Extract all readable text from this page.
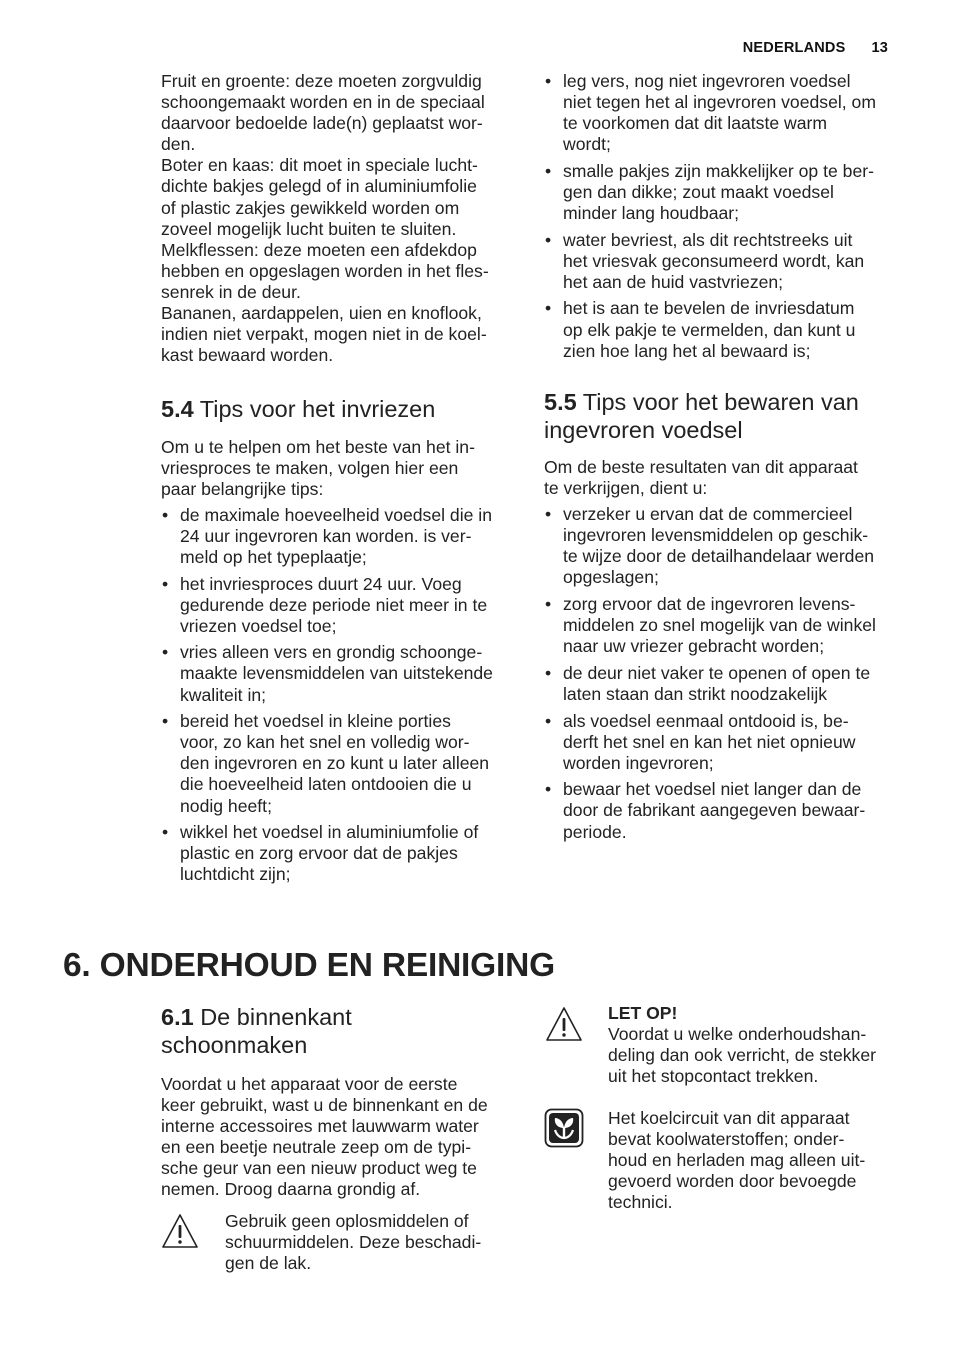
NEDERLANDS 13

Fruit en groente: deze moeten zorgvuldig
schoongemaakt worden en in de speciaal
daarvoor bedoelde lade(n) geplaatst wor-
den.

Boter en kaas: dit moet in speciale lucht-
dichte bakjes gelegd of in aluminiumfolie
of plastic zakjes gewikkeld worden om
zoveel mogelijk lucht buiten te sluiten.

Melkflessen: deze moeten een afdekdop
hebben en opgeslagen worden in het fles-
senrek in de deur.

Bananen, aardappelen, uien en knoflook,
indien niet verpakt, mogen niet in de koel-
kast bewaard worden.

5.4 Tips voor het invriezen

Om u te helpen om het beste van het in-
vriesproces te maken, volgen hier een
paar belangrijke tips:

• de maximale hoeveelheid voedsel die in
24 uur ingevroren kan worden. is ver-
meld op het typeplaatje;
• het invriesproces duurt 24 uur. Voeg
gedurende deze periode niet meer in te
vriezen voedsel toe;
• vries alleen vers en grondig schoonge-
maakte levensmiddelen van uitstekende
kwaliteit in;
• bereid het voedsel in kleine porties
voor, zo kan het snel en volledig wor-
den ingevroren en zo kunt u later alleen
die hoeveelheid laten ontdooien die u
nodig heeft;
• wikkel het voedsel in aluminiumfolie of
plastic en zorg ervoor dat de pakjes
luchtdicht zijn;
• leg vers, nog niet ingevroren voedsel
niet tegen het al ingevroren voedsel, om
te voorkomen dat dit laatste warm
wordt;
• smalle pakjes zijn makkelijker op te ber-
gen dan dikke; zout maakt voedsel
minder lang houdbaar;
• water bevriest, als dit rechtstreeks uit
het vriesvak geconsumeerd wordt, kan
het aan de huid vastvriezen;
• het is aan te bevelen de invriesdatum
op elk pakje te vermelden, dan kunt u
zien hoe lang het al bewaard is;
5.5 Tips voor het bewaren van
ingevroren voedsel

Om de beste resultaten van dit apparaat
te verkrijgen, dient u:

• verzeker u ervan dat de commercieel
ingevroren levensmiddelen op geschik-
te wijze door de detailhandelaar werden
opgeslagen;
• zorg ervoor dat de ingevroren levens-
middelen zo snel mogelijk van de winkel
naar uw vriezer gebracht worden;
• de deur niet vaker te openen of open te
laten staan dan strikt noodzakelijk
• als voedsel eenmaal ontdooid is, be-
derft het snel en kan het niet opnieuw
worden ingevroren;
• bewaar het voedsel niet langer dan de
door de fabrikant aangegeven bewaar-
periode.
6. ONDERHOUD EN REINIGING
6.1 De binnenkant
schoonmaken

Voordat u het apparaat voor de eerste
keer gebruikt, wast u de binnenkant en de
interne accessoires met lauwwarm water
en een beetje neutrale zeep om de typi-
sche geur van een nieuw product weg te
nemen. Droog daarna grondig af.

Gebruik geen oplosmiddelen of
schuurmiddelen. Deze beschadi-
gen de lak.

LET OP!

Voordat u welke onderhoudshan-
deling dan ook verricht, de stekker
uit het stopcontact trekken.

Het koelcircuit van dit apparaat
bevat koolwaterstoffen; onder-
houd en herladen mag alleen uit-
gevoerd worden door bevoegde
technici.
